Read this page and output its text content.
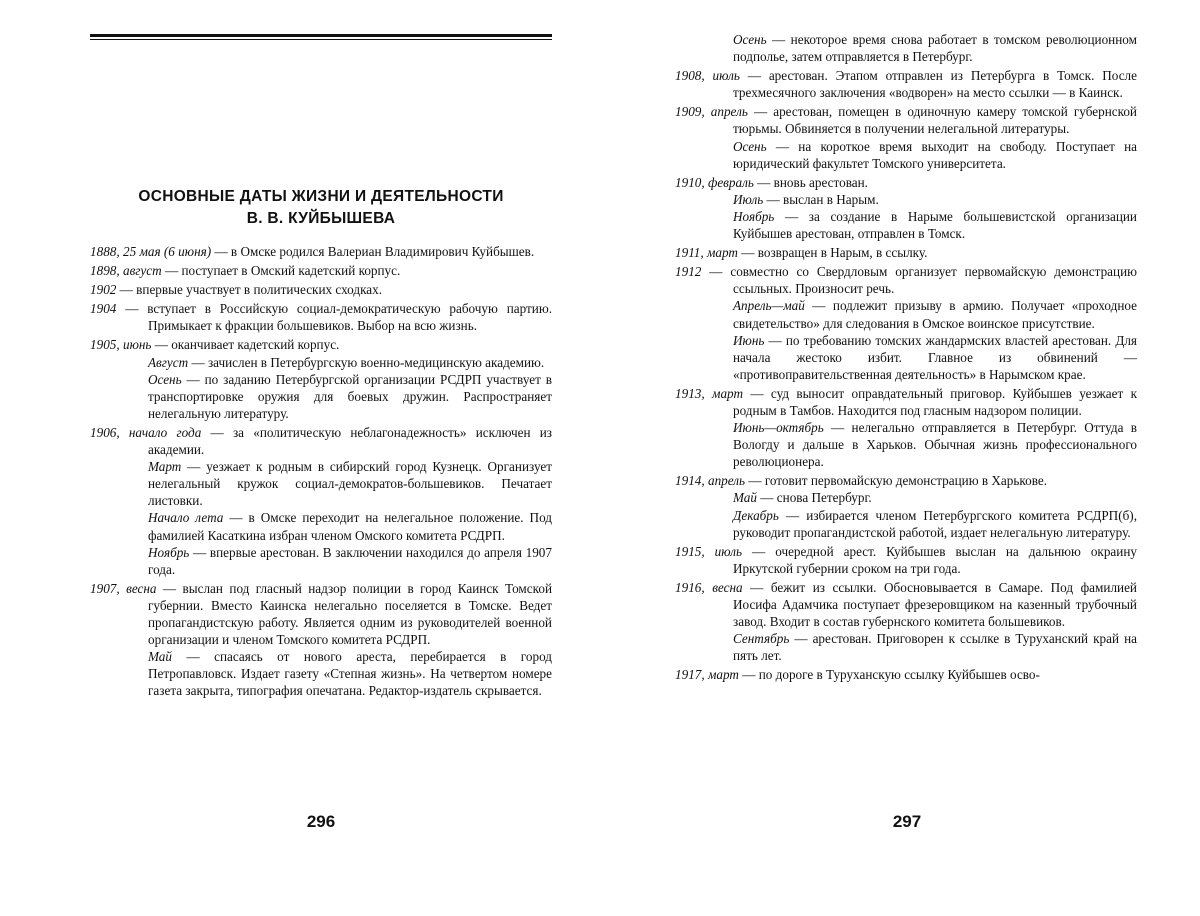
ОСНОВНЫЕ ДАТЫ ЖИЗНИ И ДЕЯТЕЛЬНОСТИ
В. В. КУЙБЫШЕВА

1888, 25 мая (6 июня) — в Омске родился Валериан Владимирович Куйбышев.

1898, август — поступает в Омский кадетский корпус.

1902 — впервые участвует в политических сходках.

1904 — вступает в Российскую социал-демократическую рабочую партию. Примыкает к фракции большевиков. Выбор на всю жизнь.

1905, июнь — оканчивает кадетский корпус.

Август — зачислен в Петербургскую военно-медицинскую академию.

Осень — по заданию Петербургской организации РСДРП участвует в транспортировке оружия для боевых дружин. Распространяет нелегальную литературу.

1906, начало года — за «политическую неблагонадежность» исключен из академии.

Март — уезжает к родным в сибирский город Кузнецк. Организует нелегальный кружок социал-демократов-большевиков. Печатает листовки.

Начало лета — в Омске переходит на нелегальное положение. Под фамилией Касаткина избран членом Омского комитета РСДРП.

Ноябрь — впервые арестован. В заключении находился до апреля 1907 года.

1907, весна — выслан под гласный надзор полиции в город Каинск Томской губернии. Вместо Каинска нелегально поселяется в Томске. Ведет пропагандистскую работу. Является одним из руководителей военной организации и членом Томского комитета РСДРП.

Май — спасаясь от нового ареста, перебирается в город Петропавловск. Издает газету «Степная жизнь». На четвертом номере газета закрыта, типография опечатана. Редактор-издатель скрывается.

296

Осень — некоторое время снова работает в томском революционном подполье, затем отправляется в Петербург.

1908, июль — арестован. Этапом отправлен из Петербурга в Томск. После трехмесячного заключения «водворен» на место ссылки — в Каинск.

1909, апрель — арестован, помещен в одиночную камеру томской губернской тюрьмы. Обвиняется в получении нелегальной литературы.

Осень — на короткое время выходит на свободу. Поступает на юридический факультет Томского университета.

1910, февраль — вновь арестован.

Июль — выслан в Нарым.

Ноябрь — за создание в Нарыме большевистской организации Куйбышев арестован, отправлен в Томск.

1911, март — возвращен в Нарым, в ссылку.

1912 — совместно со Свердловым организует первомайскую демонстрацию ссыльных. Произносит речь.

Апрель—май — подлежит призыву в армию. Получает «проходное свидетельство» для следования в Омское воинское присутствие.

Июнь — по требованию томских жандармских властей арестован. Для начала жестоко избит. Главное из обвинений — «противоправительственная деятельность» в Нарымском крае.

1913, март — суд выносит оправдательный приговор. Куйбышев уезжает к родным в Тамбов. Находится под гласным надзором полиции.

Июнь—октябрь — нелегально отправляется в Петербург. Оттуда в Вологду и дальше в Харьков. Обычная жизнь профессионального революционера.

1914, апрель — готовит первомайскую демонстрацию в Харькове.

Май — снова Петербург.

Декабрь — избирается членом Петербургского комитета РСДРП(б), руководит пропагандистской работой, издает нелегальную литературу.

1915, июль — очередной арест. Куйбышев выслан на дальнюю окраину Иркутской губернии сроком на три года.

1916, весна — бежит из ссылки. Обосновывается в Самаре. Под фамилией Иосифа Адамчика поступает фрезеровщиком на казенный трубочный завод. Входит в состав губернского комитета большевиков.

Сентябрь — арестован. Приговорен к ссылке в Туруханский край на пять лет.

1917, март — по дороге в Туруханскую ссылку Куйбышев осво-

297
